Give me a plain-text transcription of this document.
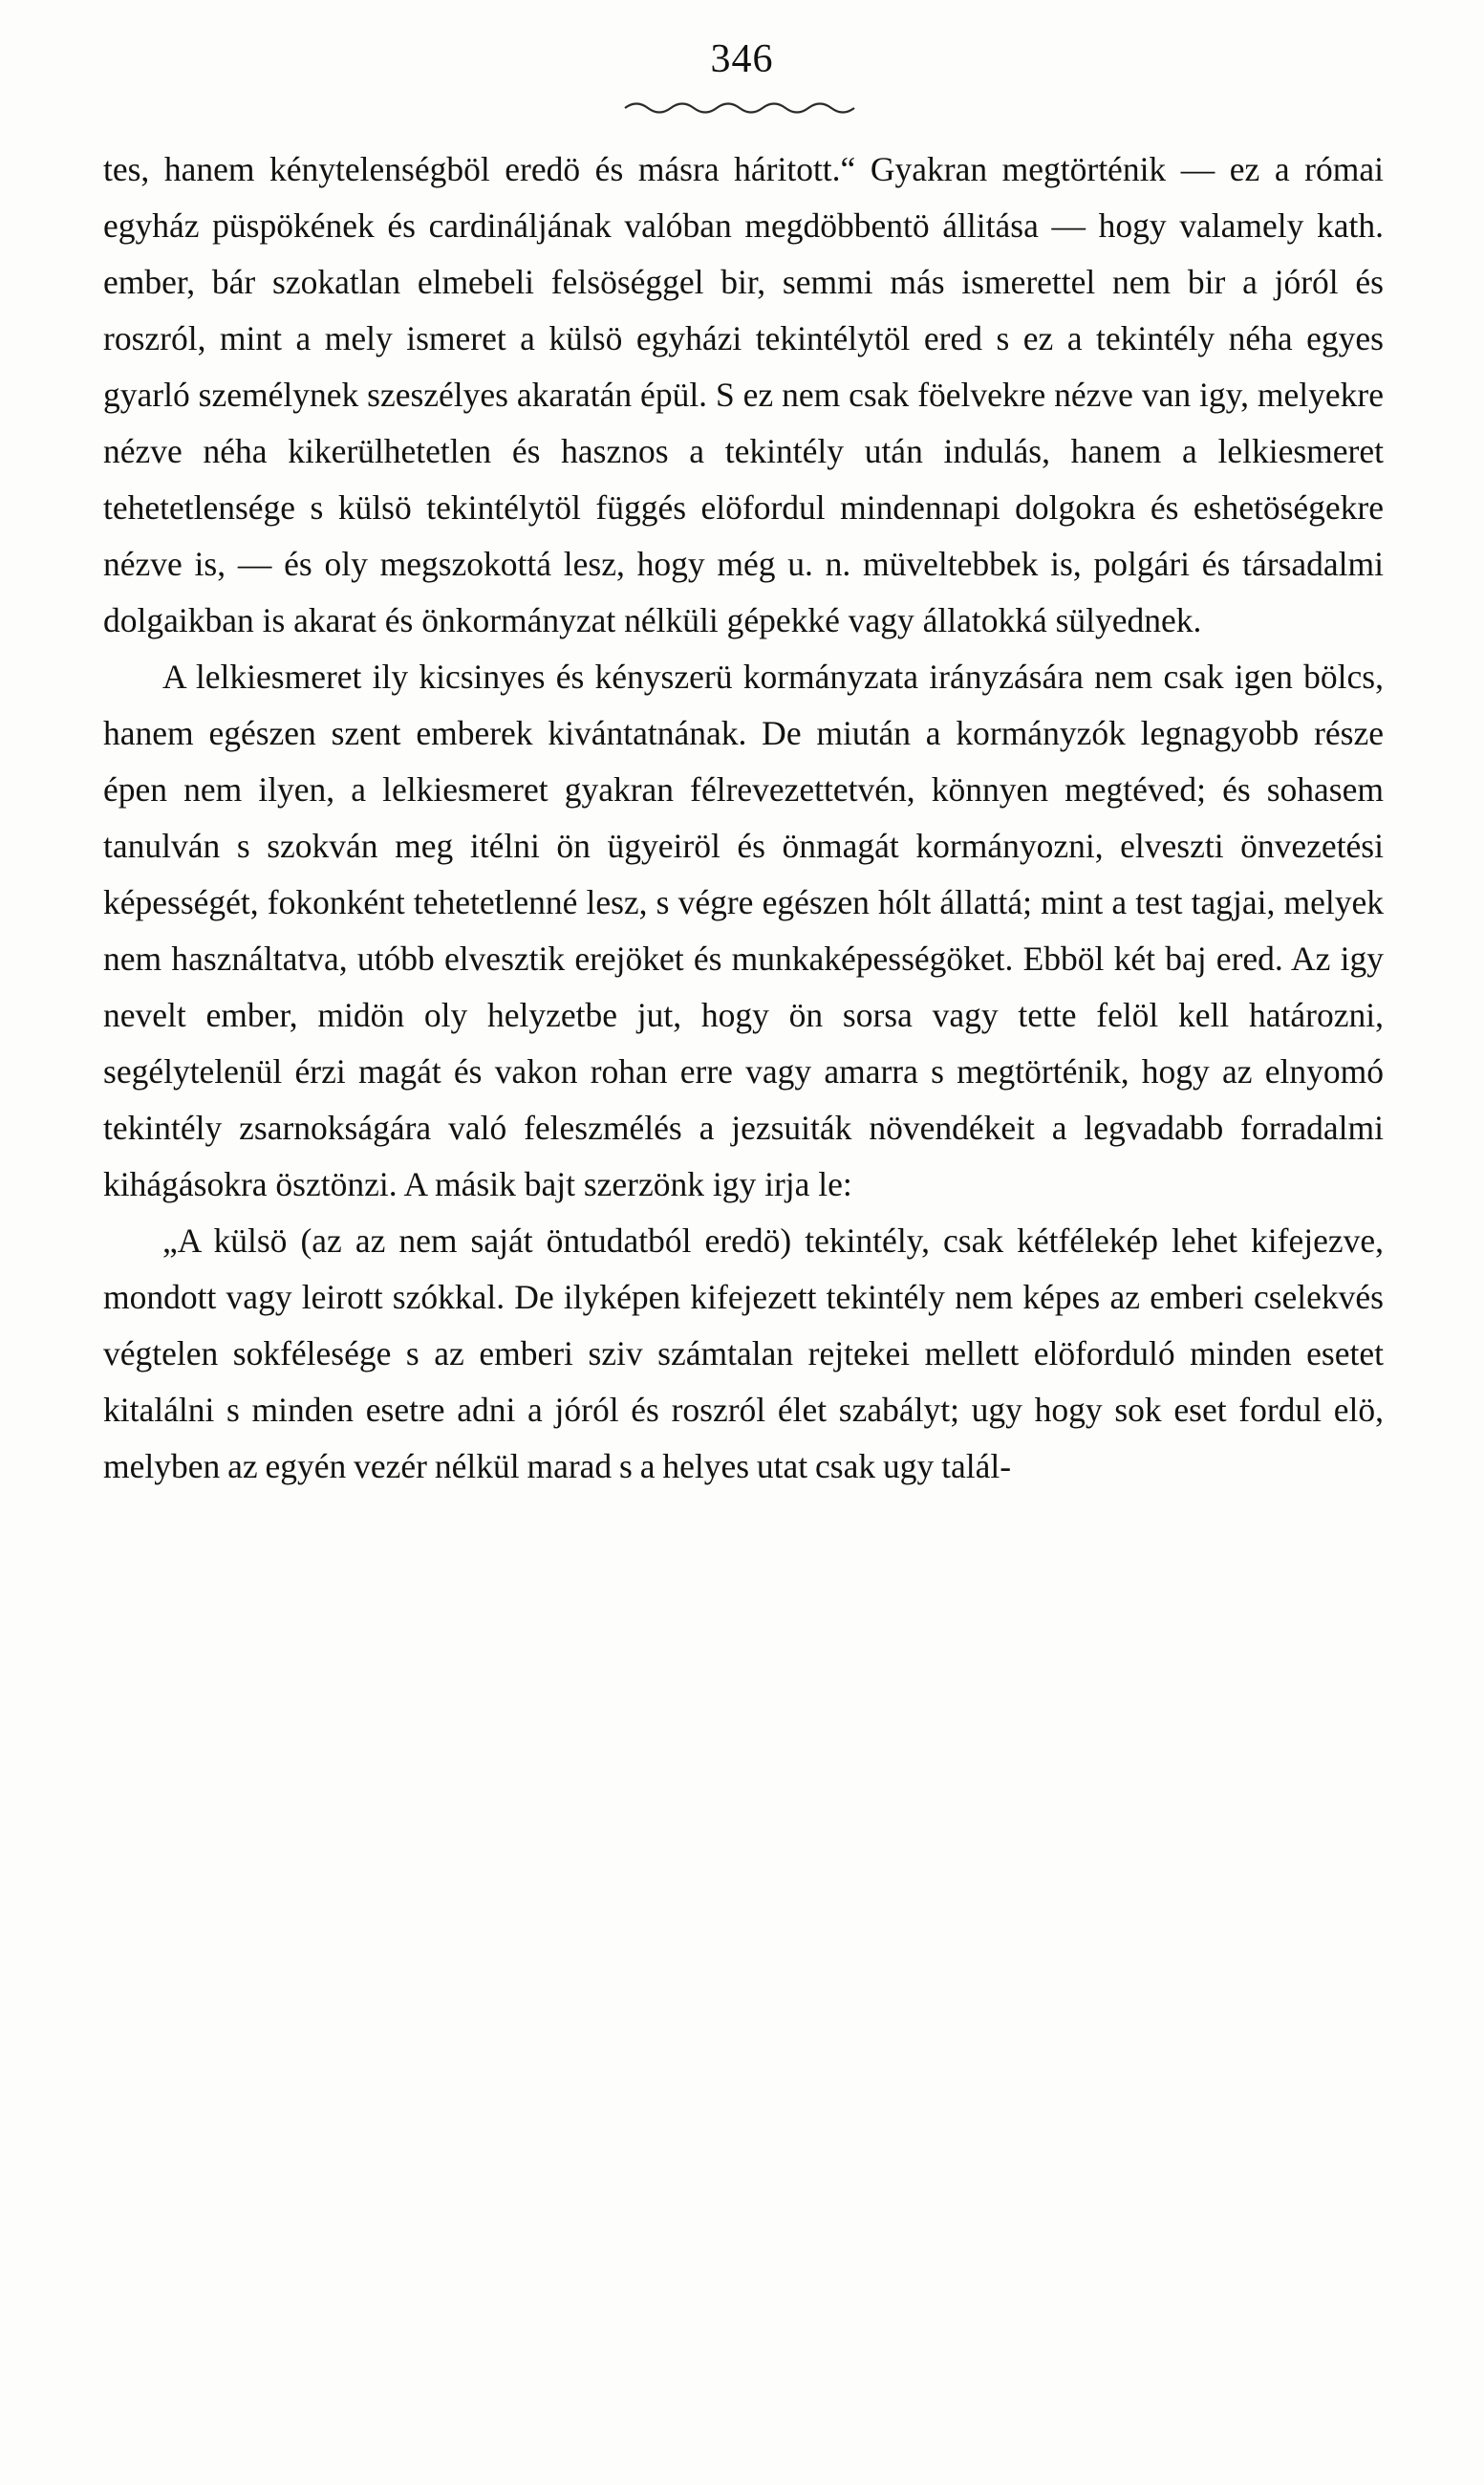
346

tes, hanem kénytelenségböl eredö és másra háritott.“ Gyakran megtörténik — ez a római egyház püspökének és cardináljának valóban megdöbbentö állitása — hogy valamely kath. ember, bár szokatlan elmebeli felsöséggel bir, semmi más ismerettel nem bir a jóról és roszról, mint a mely ismeret a külsö egyházi tekintélytöl ered s ez a tekintély néha egyes gyarló személynek szeszélyes akaratán épül. S ez nem csak föelvekre nézve van igy, melyekre nézve néha kikerülhetetlen és hasznos a tekintély után indulás, hanem a lelkiesmeret tehetetlensége s külsö tekintélytöl függés elöfordul mindennapi dolgokra és eshetöségekre nézve is, — és oly megszokottá lesz, hogy még u. n. müveltebbek is, polgári és társadalmi dolgaikban is akarat és önkormányzat nélküli gépekké vagy állatokká sülyednek.

A lelkiesmeret ily kicsinyes és kényszerü kormányzata irányzására nem csak igen bölcs, hanem egészen szent emberek kivántatnának. De miután a kormányzók legnagyobb része épen nem ilyen, a lelkiesmeret gyakran félrevezettetvén, könnyen megtéved; és sohasem tanulván s szokván meg itélni ön ügyeiröl és önmagát kormányozni, elveszti önvezetési képességét, fokonként tehetetlenné lesz, s végre egészen hólt állattá; mint a test tagjai, melyek nem használtatva, utóbb elvesztik erejöket és munkaképességöket. Ebböl két baj ered. Az igy nevelt ember, midön oly helyzetbe jut, hogy ön sorsa vagy tette felöl kell határozni, segélytelenül érzi magát és vakon rohan erre vagy amarra s megtörténik, hogy az elnyomó tekintély zsarnokságára való feleszmélés a jezsuiták növendékeit a legvadabb forradalmi kihágásokra ösztönzi. A másik bajt szerzönk igy irja le:

„A külsö (az az nem saját öntudatból eredö) tekintély, csak kétfélekép lehet kifejezve, mondott vagy leirott szókkal. De ilyképen kifejezett tekintély nem képes az emberi cselekvés végtelen sokfélesége s az emberi sziv számtalan rejtekei mellett elöforduló minden esetet kitalálni s minden esetre adni a jóról és roszról élet szabályt; ugy hogy sok eset fordul elö, melyben az egyén vezér nélkül marad s a helyes utat csak ugy talál-
